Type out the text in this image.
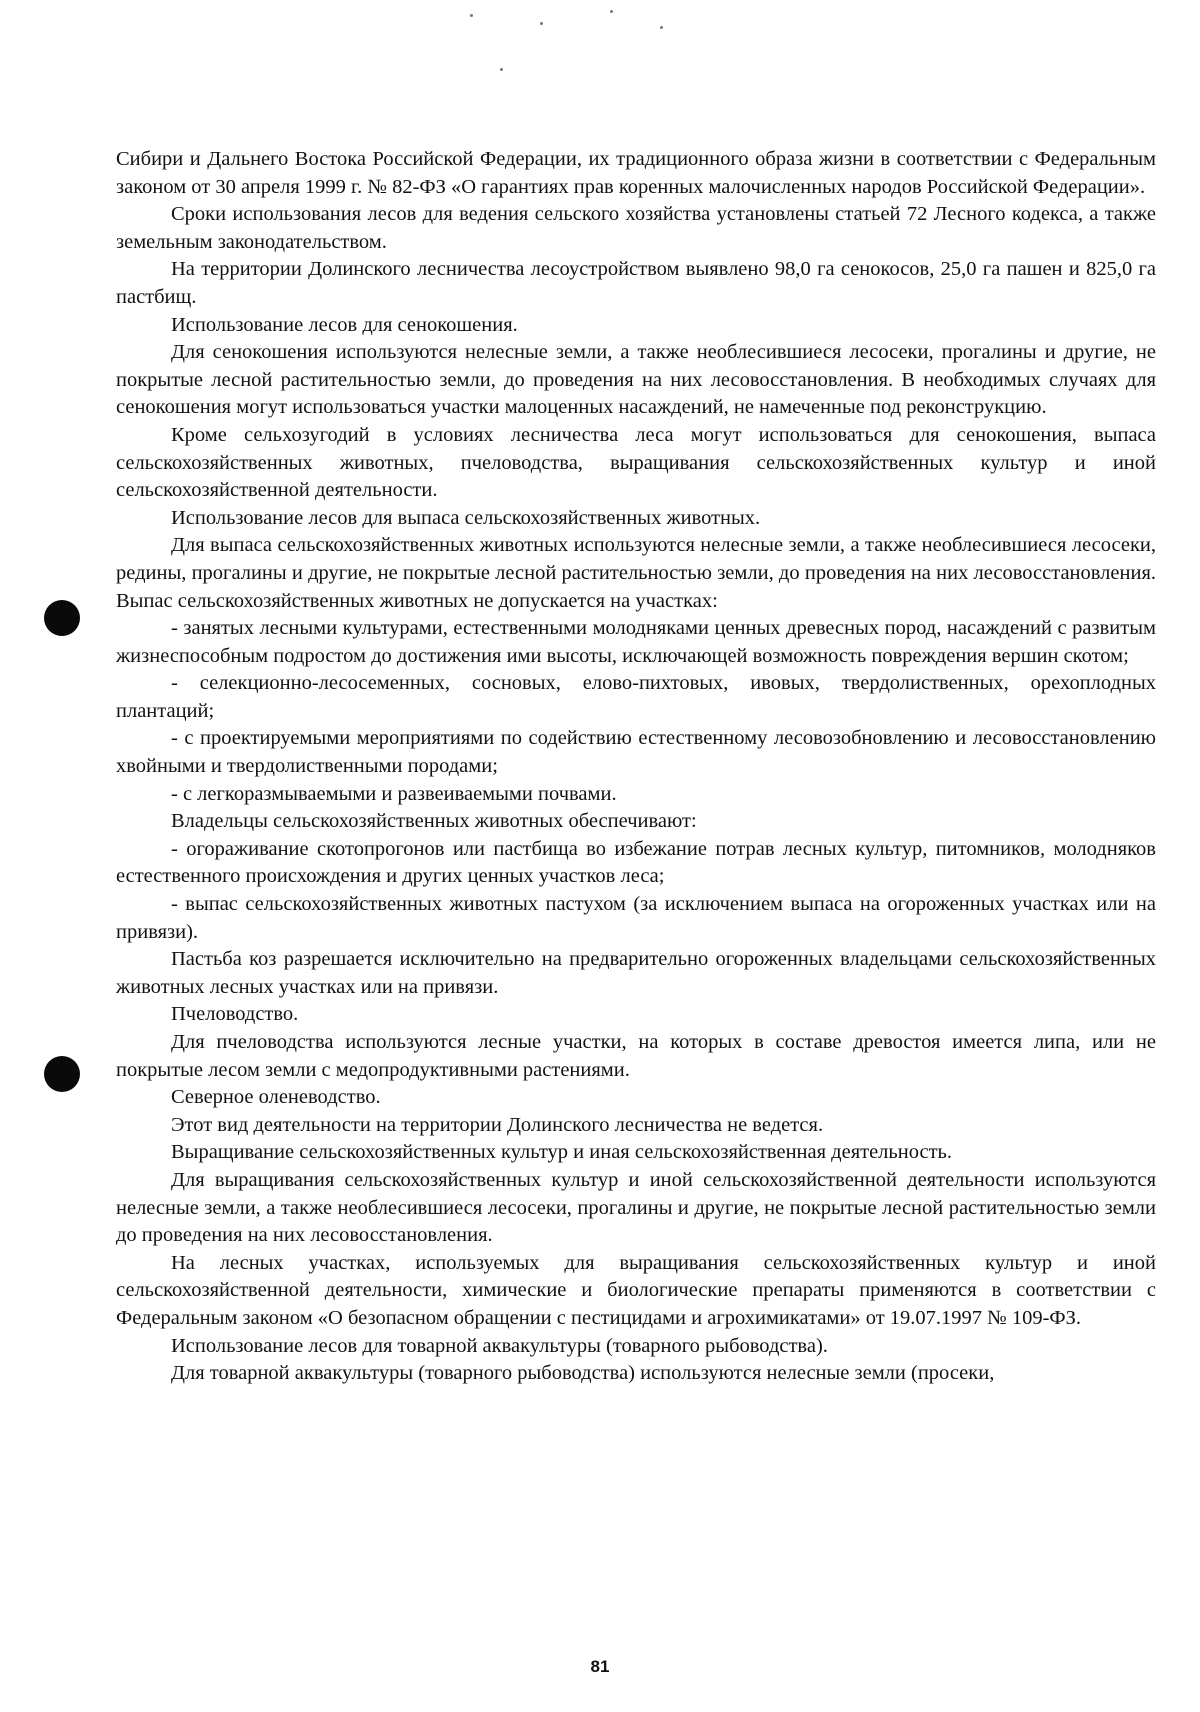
Сибири и Дальнего Востока Российской Федерации, их традиционного образа жизни в соответствии с Федеральным законом от 30 апреля 1999 г. № 82-ФЗ «О гарантиях прав коренных малочисленных народов Российской Федерации».

Сроки использования лесов для ведения сельского хозяйства установлены статьей 72 Лесного кодекса, а также земельным законодательством.

На территории Долинского лесничества лесоустройством выявлено 98,0 га сенокосов, 25,0 га пашен и 825,0 га пастбищ.

Использование лесов для сенокошения.

Для сенокошения используются нелесные земли, а также необлесившиеся лесосеки, прогалины и другие, не покрытые лесной растительностью земли, до проведения на них лесовосстановления. В необходимых случаях для сенокошения могут использоваться участки малоценных насаждений, не намеченные под реконструкцию.

Кроме сельхозугодий в условиях лесничества леса могут использоваться для сенокошения, выпаса сельскохозяйственных животных, пчеловодства, выращивания сельскохозяйственных культур и иной сельскохозяйственной деятельности.

Использование лесов для выпаса сельскохозяйственных животных.

Для выпаса сельскохозяйственных животных используются нелесные земли, а также необлесившиеся лесосеки, редины, прогалины и другие, не покрытые лесной растительностью земли, до проведения на них лесовосстановления. Выпас сельскохозяйственных животных не допускается на участках:

- занятых лесными культурами, естественными молодняками ценных древесных пород, насаждений с развитым жизнеспособным подростом до достижения ими высоты, исключающей возможность повреждения вершин скотом;

- селекционно-лесосеменных, сосновых, елово-пихтовых, ивовых, твердолиственных, орехоплодных плантаций;

- с проектируемыми мероприятиями по содействию естественному лесовозобновлению и лесовосстановлению хвойными и твердолиственными породами;

- с легкоразмываемыми и развеиваемыми почвами.

Владельцы сельскохозяйственных животных обеспечивают:

- огораживание скотопрогонов или пастбища во избежание потрав лесных культур, питомников, молодняков естественного происхождения и других ценных участков леса;

- выпас сельскохозяйственных животных пастухом (за исключением выпаса на огороженных участках или на привязи).

Пастьба коз разрешается исключительно на предварительно огороженных владельцами сельскохозяйственных животных лесных участках или на привязи.

Пчеловодство.

Для пчеловодства используются лесные участки, на которых в составе древостоя имеется липа, или не покрытые лесом земли с медопродуктивными растениями.

Северное оленеводство.

Этот вид деятельности на территории Долинского лесничества не ведется.

Выращивание сельскохозяйственных культур и иная сельскохозяйственная деятельность.

Для выращивания сельскохозяйственных культур и иной сельскохозяйственной деятельности используются нелесные земли, а также необлесившиеся лесосеки, прогалины и другие, не покрытые лесной растительностью земли до проведения на них лесовосстановления.

На лесных участках, используемых для выращивания сельскохозяйственных культур и иной сельскохозяйственной деятельности, химические и биологические препараты применяются в соответствии с Федеральным законом «О безопасном обращении с пестицидами и агрохимикатами» от 19.07.1997 № 109-ФЗ.

Использование лесов для товарной аквакультуры (товарного рыбоводства).

Для товарной аквакультуры (товарного рыбоводства) используются нелесные земли (просеки,

81
